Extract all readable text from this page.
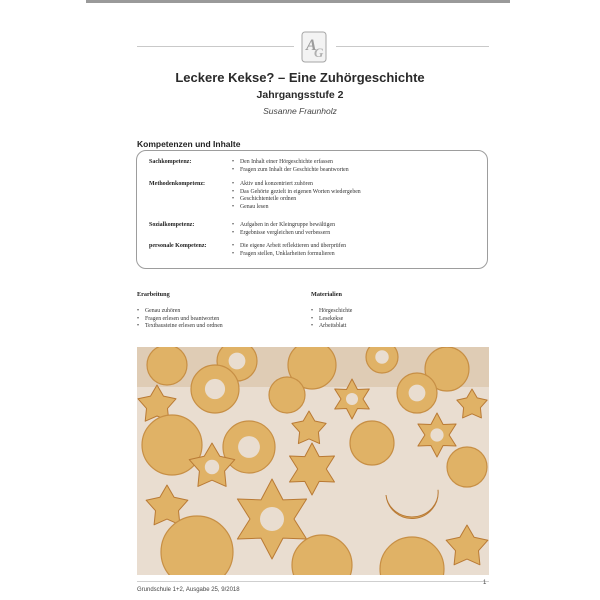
A
G
Leckere Kekse? – Eine Zuhörgeschichte
Jahrgangsstufe 2
Susanne Fraunholz
Kompetenzen und Inhalte
Sachkompetenz:	• Den Inhalt einer Hörgeschichte erfassen
• Fragen zum Inhalt der Geschichte beantworten
Methodenkompetenz:	• Aktiv und konzentriert zuhören
• Das Gehörte gezielt in eigenen Worten wiedergeben
• Geschichtenteile ordnen
• Genau lesen
Sozialkompetenz:	• Aufgaben in der Kleingruppe bewältigen
• Ergebnisse vergleichen und verbessern
personale Kompetenz:	• Die eigene Arbeit reflektieren und überprüfen
• Fragen stellen, Unklarheiten formulieren
Erarbeitung
• Genau zuhören
• Fragen erlesen und beantworten
• Textbausteine erlesen und ordnen
Materialien
• Hörgeschichte
• Lesekekse
• Arbeitsblatt
Grundschule 1+2, Ausgabe 25, 9/2018
1
